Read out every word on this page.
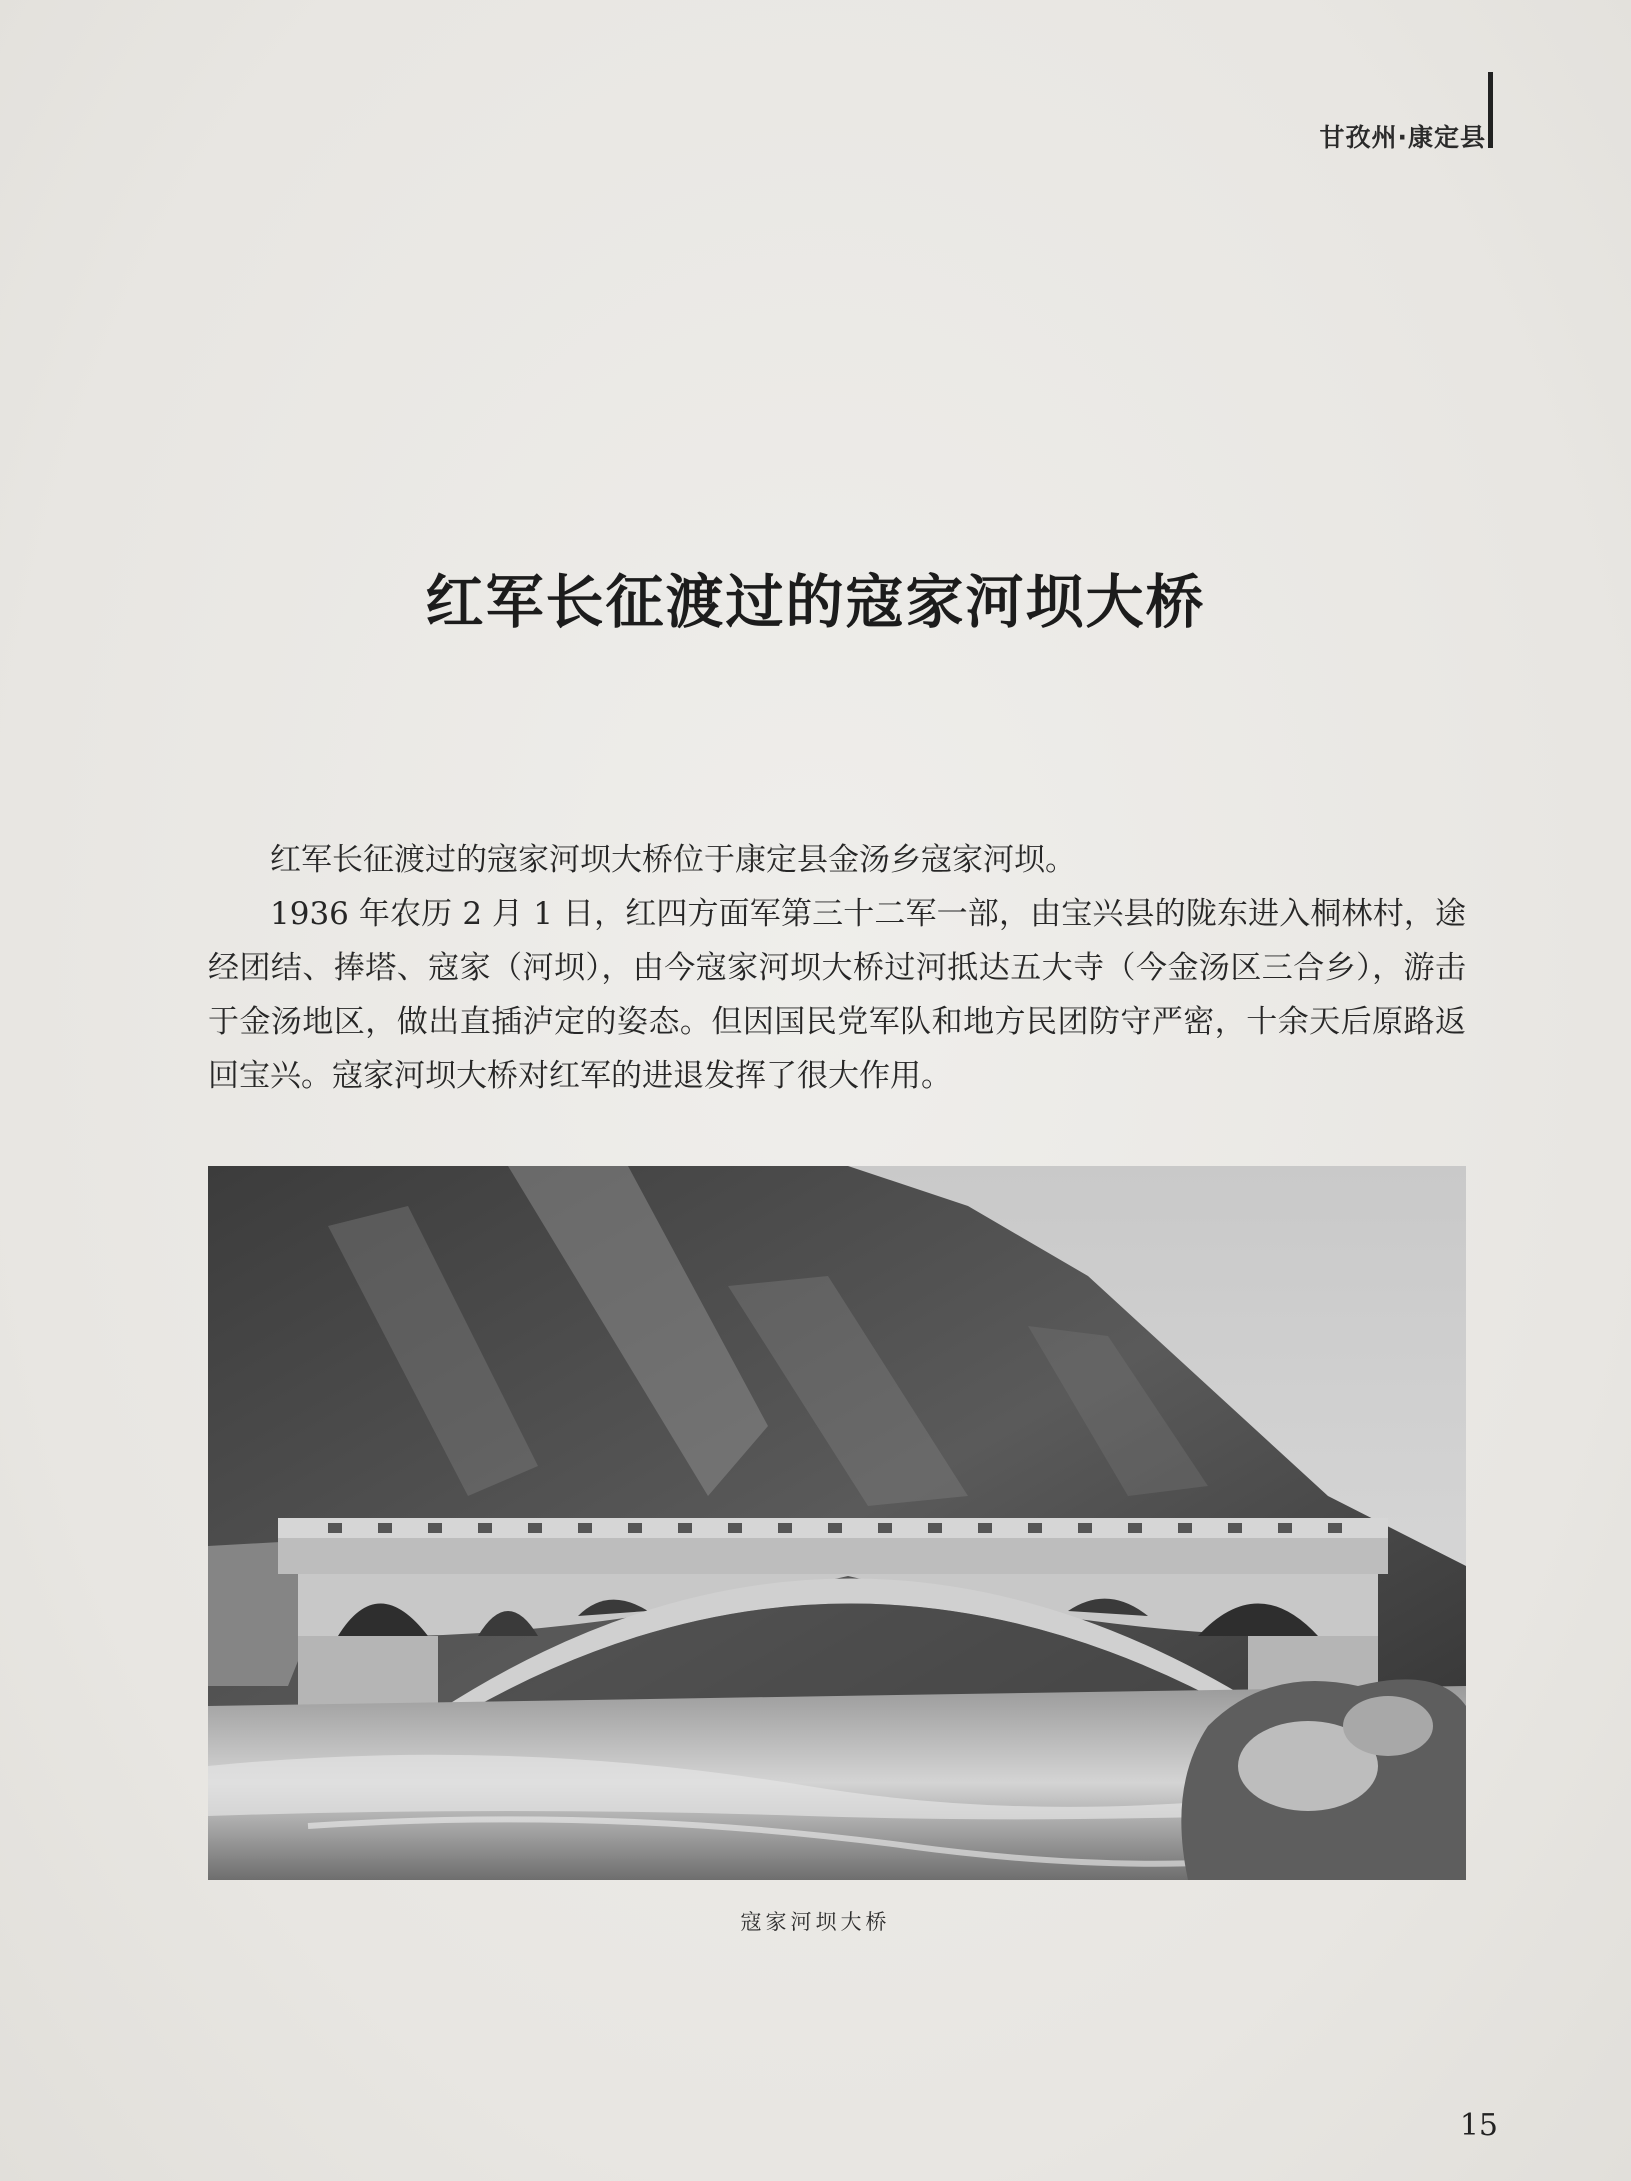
甘孜州·康定县
红军长征渡过的寇家河坝大桥

红军长征渡过的寇家河坝大桥位于康定县金汤乡寇家河坝。

1936 年农历 2 月 1 日，红四方面军第三十二军一部，由宝兴县的陇东进入桐林村，途经团结、捧塔、寇家（河坝），由今寇家河坝大桥过河抵达五大寺（今金汤区三合乡），游击于金汤地区，做出直插泸定的姿态。但因国民党军队和地方民团防守严密，十余天后原路返回宝兴。寇家河坝大桥对红军的进退发挥了很大作用。

寇家河坝大桥
15
